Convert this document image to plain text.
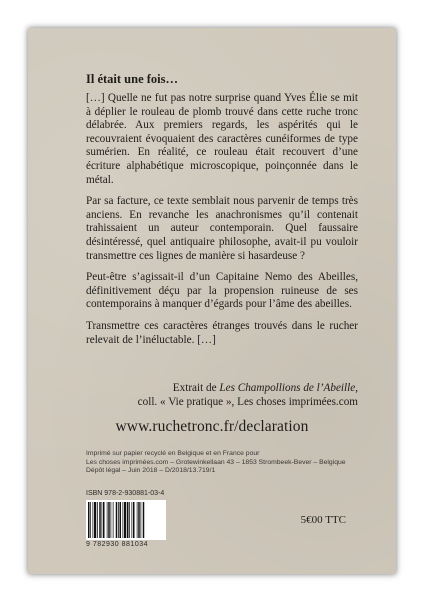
Il était une fois…

[…] Quelle ne fut pas notre surprise quand Yves Élie se mit à déplier le rouleau de plomb trouvé dans cette ruche tronc délabrée. Aux premiers regards, les aspérités qui le recouvraient évoquaient des caractères cunéiformes de type sumérien. En réalité, ce rouleau était recouvert d’une écriture alphabétique microscopique, poinçonnée dans le métal.

Par sa facture, ce texte semblait nous parvenir de temps très anciens. En revanche les anachronismes qu’il contenait trahissaient un auteur contemporain. Quel faussaire désintéressé, quel antiquaire philosophe, avait-il pu vouloir transmettre ces lignes de manière si hasardeuse ?

Peut-être s’agissait-il d’un Capitaine Nemo des Abeilles, définitivement déçu par la propension ruineuse de ses contemporains à manquer d’égards pour l’âme des abeilles.

Transmettre ces caractères étranges trouvés dans le rucher relevait de l’inéluctable. […]

Extrait de Les Champollions de l’Abeille,
coll. « Vie pratique », Les choses imprimées.com
www.ruchetronc.fr/declaration
Imprimé sur papier recyclé en Belgique et en France pour
Les choses imprimées.com – Grotewinkellaan 43 – 1853 Strombeek-Bever – Belgique
Dépôt légal – Juin 2018 – D/2018/13.719/1
ISBN 978-2-930881-03-4
9 782930 881034
5€00 TTC
